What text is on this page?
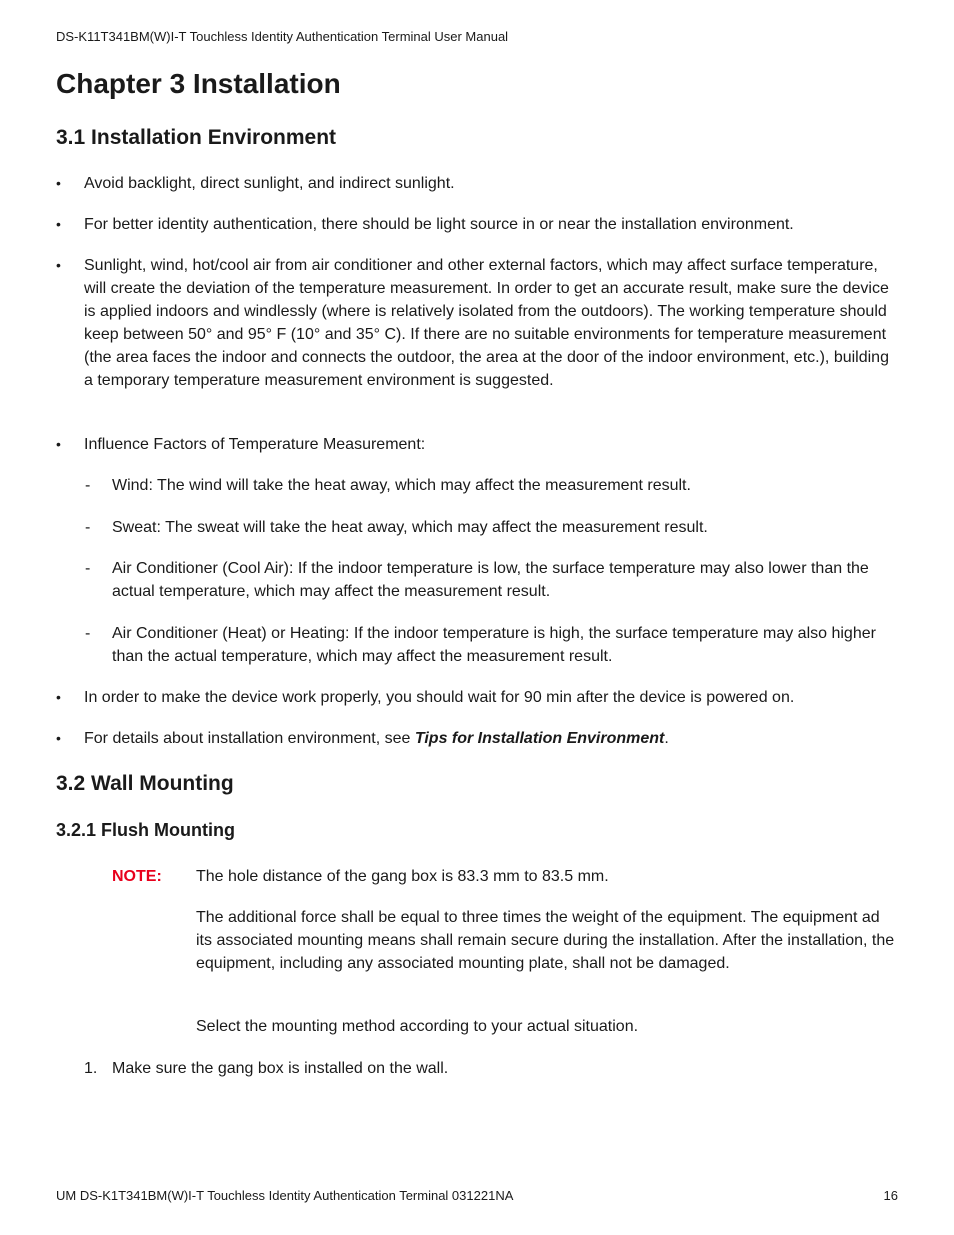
DS-K11T341BM(W)I-T Touchless Identity Authentication Terminal User Manual
Chapter 3 Installation
3.1 Installation Environment
• Avoid backlight, direct sunlight, and indirect sunlight.

• For better identity authentication, there should be light source in or near the installation environment.

• Sunlight, wind, hot/cool air from air conditioner and other external factors, which may affect surface temperature, will create the deviation of the temperature measurement. In order to get an accurate result, make sure the device is applied indoors and windlessly (where is relatively isolated from the outdoors). The working temperature should keep between 50° and 95° F (10° and 35° C). If there are no suitable environments for temperature measurement (the area faces the indoor and connects the outdoor, the area at the door of the indoor environment, etc.), building a temporary temperature measurement environment is suggested.

• Influence Factors of Temperature Measurement:

- Wind: The wind will take the heat away, which may affect the measurement result.

- Sweat: The sweat will take the heat away, which may affect the measurement result.

- Air Conditioner (Cool Air): If the indoor temperature is low, the surface temperature may also lower than the actual temperature, which may affect the measurement result.

- Air Conditioner (Heat) or Heating: If the indoor temperature is high, the surface temperature may also higher than the actual temperature, which may affect the measurement result.

• In order to make the device work properly, you should wait for 90 min after the device is powered on.

• For details about installation environment, see Tips for Installation Environment.

3.2 Wall Mounting
3.2.1 Flush Mounting
NOTE: The hole distance of the gang box is 83.3 mm to 83.5 mm.

The additional force shall be equal to three times the weight of the equipment. The equipment ad its associated mounting means shall remain secure during the installation. After the installation, the equipment, including any associated mounting plate, shall not be damaged.

Select the mounting method according to your actual situation.

1. Make sure the gang box is installed on the wall.

UM DS-K1T341BM(W)I-T Touchless Identity Authentication Terminal 031221NA	16
